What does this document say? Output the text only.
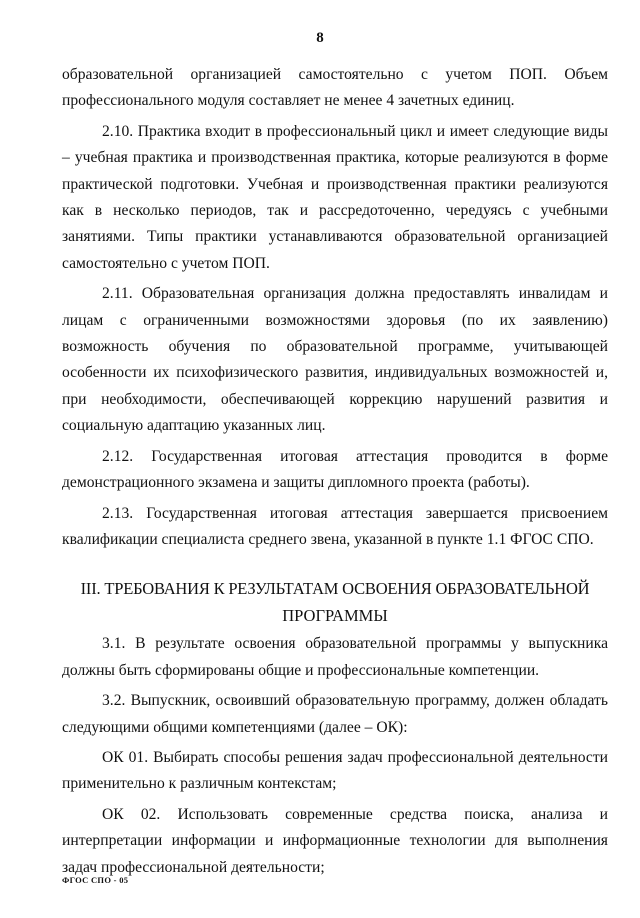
8

образовательной организацией самостоятельно с учетом ПОП. Объем

профессионального модуля составляет не менее 4 зачетных единиц.

2.10. Практика входит в профессиональный цикл и имеет следующие виды – учебная практика и производственная практика, которые реализуются в форме практической подготовки. Учебная и производственная практики реализуются как в несколько периодов, так и рассредоточенно, чередуясь с учебными занятиями. Типы практики устанавливаются образовательной организацией самостоятельно с учетом ПОП.

2.11. Образовательная организация должна предоставлять инвалидам и лицам с ограниченными возможностями здоровья (по их заявлению) возможность обучения по образовательной программе, учитывающей особенности их психофизического развития, индивидуальных возможностей и, при необходимости, обеспечивающей коррекцию нарушений развития и социальную адаптацию указанных лиц.

2.12. Государственная итоговая аттестация проводится в форме демонстрационного экзамена и защиты дипломного проекта (работы).

2.13. Государственная итоговая аттестация завершается присвоением квалификации специалиста среднего звена, указанной в пункте 1.1 ФГОС СПО.

III. ТРЕБОВАНИЯ К РЕЗУЛЬТАТАМ ОСВОЕНИЯ ОБРАЗОВАТЕЛЬНОЙ

ПРОГРАММЫ

3.1. В результате освоения образовательной программы у выпускника должны быть сформированы общие и профессиональные компетенции.

3.2. Выпускник, освоивший образовательную программу, должен обладать следующими общими компетенциями (далее – ОК):

ОК 01. Выбирать способы решения задач профессиональной деятельности применительно к различным контекстам;

ОК 02. Использовать современные средства поиска, анализа и интерпретации информации и информационные технологии для выполнения задач профессиональной деятельности;

ФГОС СПО - 05
